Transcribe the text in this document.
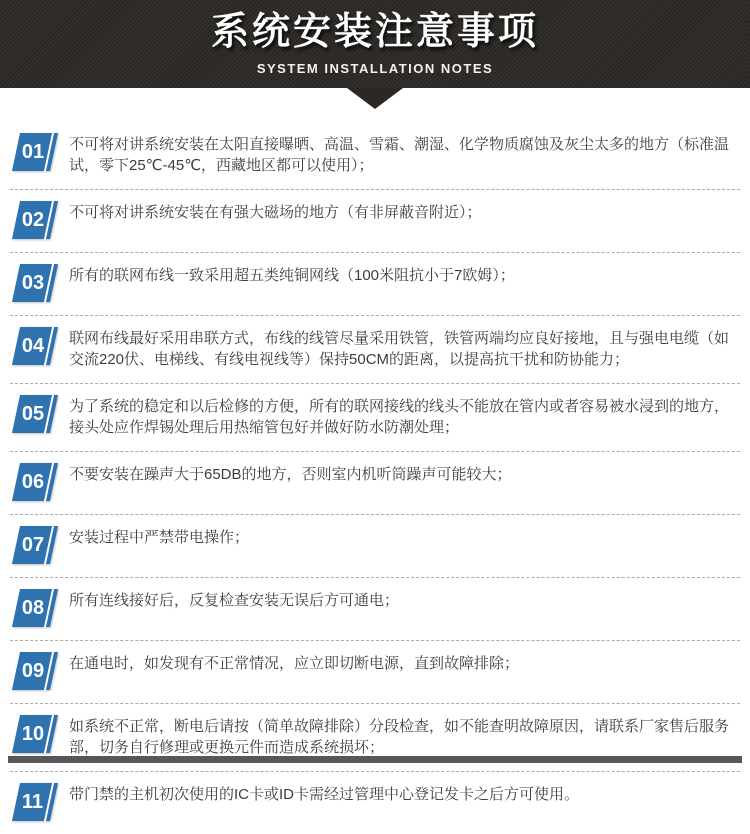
系统安装注意事项
SYSTEM INSTALLATION NOTES
01 不可将对讲系统安装在太阳直接曝晒、高温、雪霜、潮湿、化学物质腐蚀及灰尘太多的地方（标准温试，零下25℃-45℃，西藏地区都可以使用）；
02 不可将对讲系统安装在有强大磁场的地方（有非屏蔽音附近）；
03 所有的联网布线一致采用超五类纯铜网线（100米阻抗小于7欧姆）；
04 联网布线最好采用串联方式，布线的线管尽量采用铁管，铁管两端均应良好接地，且与强电电缆（如交流220伏、电梯线、有线电视线等）保持50CM的距离，以提高抗干扰和防协能力；
05 为了系统的稳定和以后检修的方便，所有的联网接线的线头不能放在管内或者容易被水浸到的地方，接头处应作焊锡处理后用热缩管包好并做好防水防潮处理；
06 不要安装在躁声大于65DB的地方，否则室内机听筒躁声可能较大；
07 安装过程中严禁带电操作；
08 所有连线接好后，反复检查安装无误后方可通电；
09 在通电时，如发现有不正常情况，应立即切断电源，直到故障排除；
10 如系统不正常，断电后请按（简单故障排除）分段检查，如不能查明故障原因，请联系厂家售后服务部，切务自行修理或更换元件而造成系统损坏；
11 带门禁的主机初次使用的IC卡或ID卡需经过管理中心登记发卡之后方可使用。
